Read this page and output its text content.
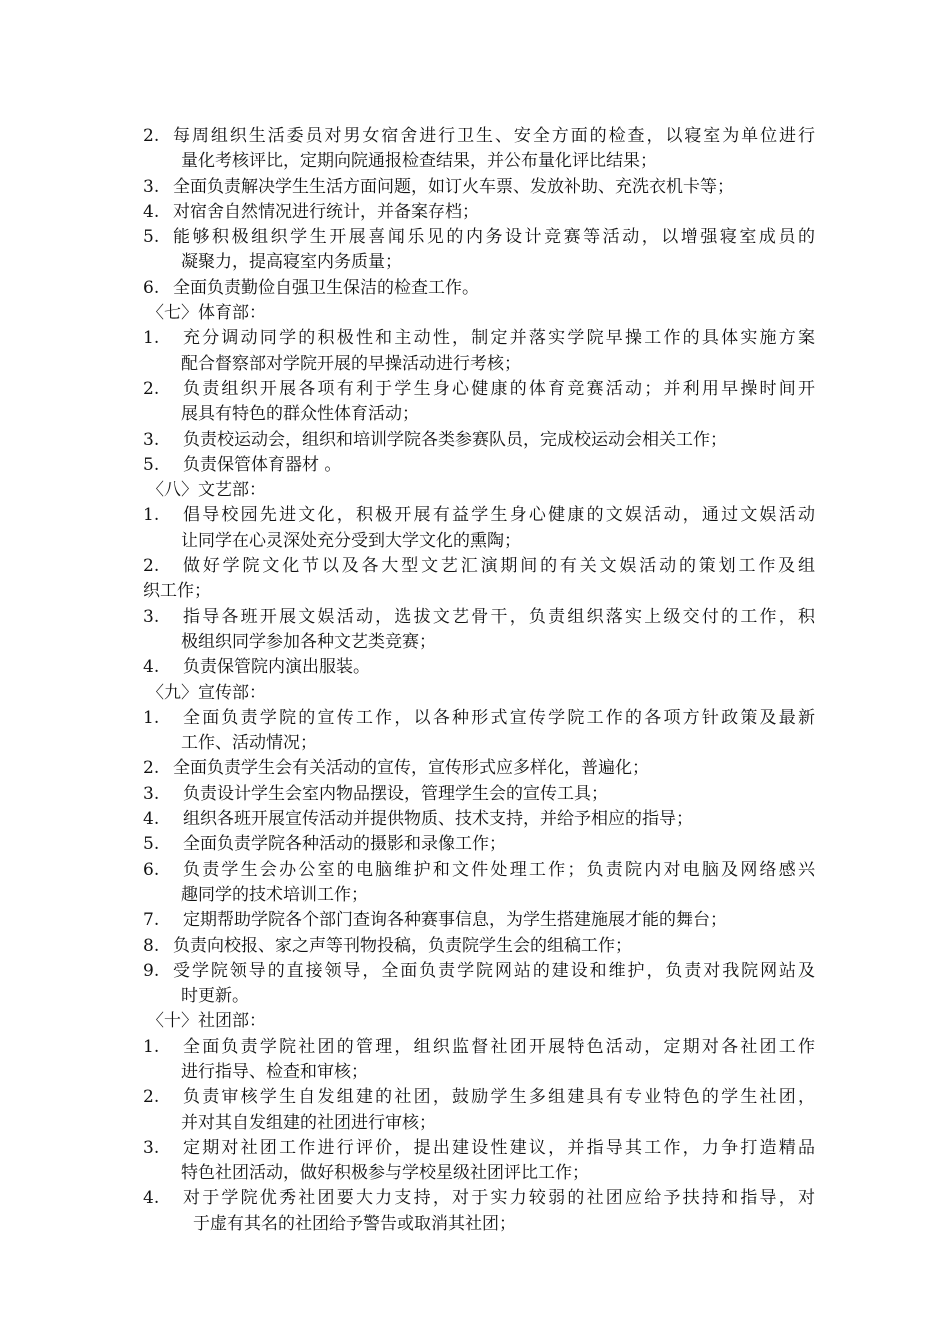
2. 每周组织生活委员对男女宿舍进行卫生、安全方面的检查，以寝室为单位进行
量化考核评比，定期向院通报检查结果，并公布量化评比结果；
3. 全面负责解决学生生活方面问题，如订火车票、发放补助、充洗衣机卡等；
4. 对宿舍自然情况进行统计，并备案存档；
5. 能够积极组织学生开展喜闻乐见的内务设计竞赛等活动，以增强寝室成员的
凝聚力，提高寝室内务质量；
6. 全面负责勤俭自强卫生保洁的检查工作。
〈七〉体育部：
1.	充分调动同学的积极性和主动性，制定并落实学院早操工作的具体实施方案
配合督察部对学院开展的早操活动进行考核；
2.	负责组织开展各项有利于学生身心健康的体育竞赛活动；并利用早操时间开
展具有特色的群众性体育活动；
3.	负责校运动会，组织和培训学院各类参赛队员，完成校运动会相关工作；
5.	负责保管体育器材 。
〈八〉文艺部：
1.	倡导校园先进文化，积极开展有益学生身心健康的文娱活动，通过文娱活动
让同学在心灵深处充分受到大学文化的熏陶；
2.	做好学院文化节以及各大型文艺汇演期间的有关文娱活动的策划工作及组
织工作；
3.	指导各班开展文娱活动，选拔文艺骨干，负责组织落实上级交付的工作，积
极组织同学参加各种文艺类竞赛；
4.	负责保管院内演出服装。
〈九〉宣传部：
1.	全面负责学院的宣传工作，以各种形式宣传学院工作的各项方针政策及最新
工作、活动情况；
2. 全面负责学生会有关活动的宣传，宣传形式应多样化，普遍化；
3.	负责设计学生会室内物品摆设，管理学生会的宣传工具；
4.	组织各班开展宣传活动并提供物质、技术支持，并给予相应的指导；
5.	全面负责学院各种活动的摄影和录像工作；
6.	负责学生会办公室的电脑维护和文件处理工作；负责院内对电脑及网络感兴
趣同学的技术培训工作；
7.	定期帮助学院各个部门查询各种赛事信息，为学生搭建施展才能的舞台；
8. 负责向校报、家之声等刊物投稿，负责院学生会的组稿工作；
9. 受学院领导的直接领导，全面负责学院网站的建设和维护，负责对我院网站及
时更新。
〈十〉社团部：
1.	全面负责学院社团的管理，组织监督社团开展特色活动，定期对各社团工作
进行指导、检查和审核；
2.	负责审核学生自发组建的社团，鼓励学生多组建具有专业特色的学生社团，
并对其自发组建的社团进行审核；
3.	定期对社团工作进行评价，提出建设性建议，并指导其工作，力争打造精品
特色社团活动，做好积极参与学校星级社团评比工作；
4.	对于学院优秀社团要大力支持，对于实力较弱的社团应给予扶持和指导，对
于虚有其名的社团给予警告或取消其社团；
